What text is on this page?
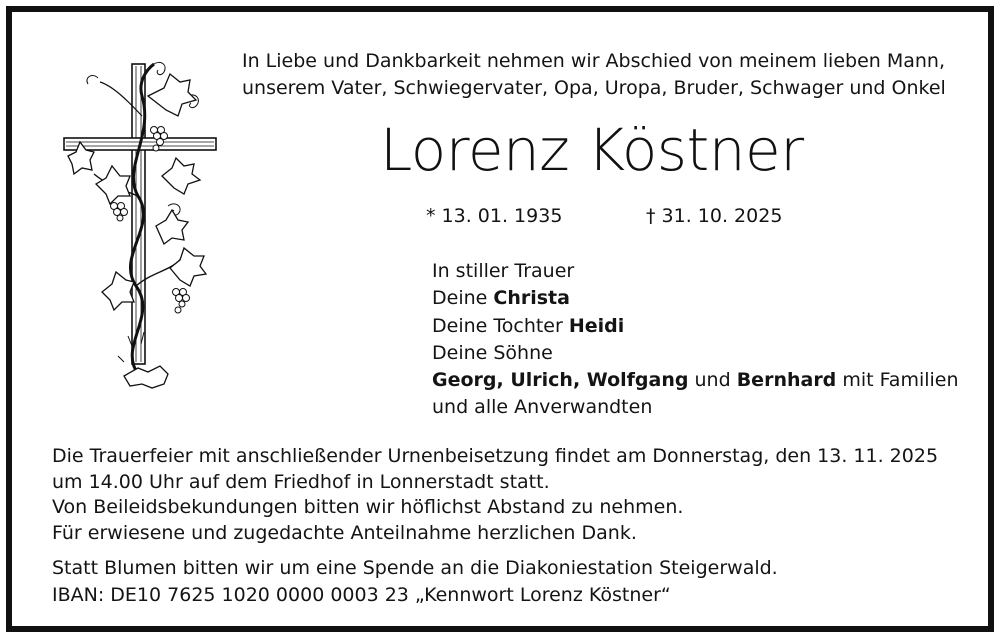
In Liebe und Dankbarkeit nehmen wir Abschied von meinem lieben Mann,
unserem Vater, Schwiegervater, Opa, Uropa, Bruder, Schwager und Onkel
Lorenz Köstner
* 13. 01. 1935	† 31. 10. 2025
In stiller Trauer
Deine Christa
Deine Tochter Heidi
Deine Söhne
Georg, Ulrich, Wolfgang und Bernhard mit Familien
und alle Anverwandten
Die Trauerfeier mit anschließender Urnenbeisetzung findet am Donnerstag, den 13. 11. 2025
um 14.00 Uhr auf dem Friedhof in Lonnerstadt statt.
Von Beileidsbekundungen bitten wir höflichst Abstand zu nehmen.
Für erwiesene und zugedachte Anteilnahme herzlichen Dank.
Statt Blumen bitten wir um eine Spende an die Diakoniestation Steigerwald.
IBAN: DE10 7625 1020 0000 0003 23 „Kennwort Lorenz Köstner“
